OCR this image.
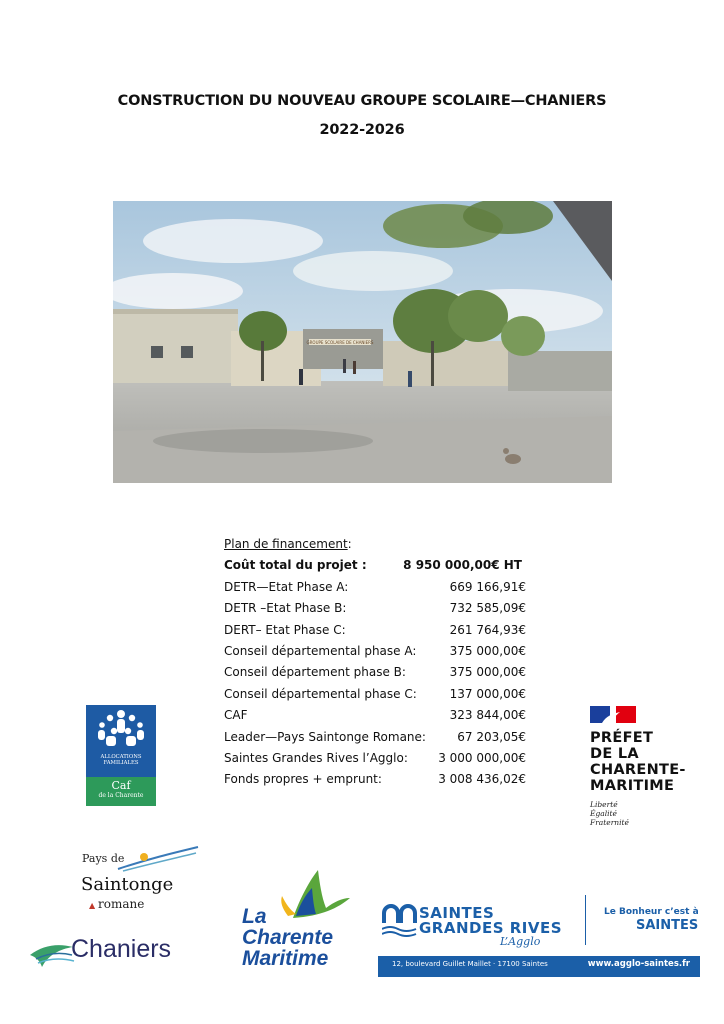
CONSTRUCTION DU NOUVEAU GROUPE SCOLAIRE—CHANIERS
2022-2026
GROUPE SCOLAIRE DE CHANIERS
Plan de financement:
Coût total du projet :	8 950 000,00€ HT
DETR—Etat Phase A:	669 166,91€
DETR –Etat Phase B:	732 585,09€
DERT– Etat Phase C:	261 764,93€
Conseil départemental phase A:	375 000,00€
Conseil département phase B:	375 000,00€
Conseil départemental phase C:	137 000,00€
CAF	323 844,00€
Leader—Pays Saintonge Romane:	67 203,05€
Saintes Grandes Rives l’Agglo:	3 000 000,00€
Fonds propres + emprunt:	3 008 436,02€
ALLOCATIONS
FAMILIALES
Caf
de la Charente
PRÉFET
DE LA
CHARENTE-
MARITIME
Liberté
Égalité
Fraternité
Pays de
Saintonge
▲ romane
Chaniers
La
Charente
Maritime
SAINTES
GRANDES RIVES
L’Agglo
Le Bonheur c’est à
SAINTES
12, boulevard Guillet Maillet · 17100 Saintes	www.agglo-saintes.fr
